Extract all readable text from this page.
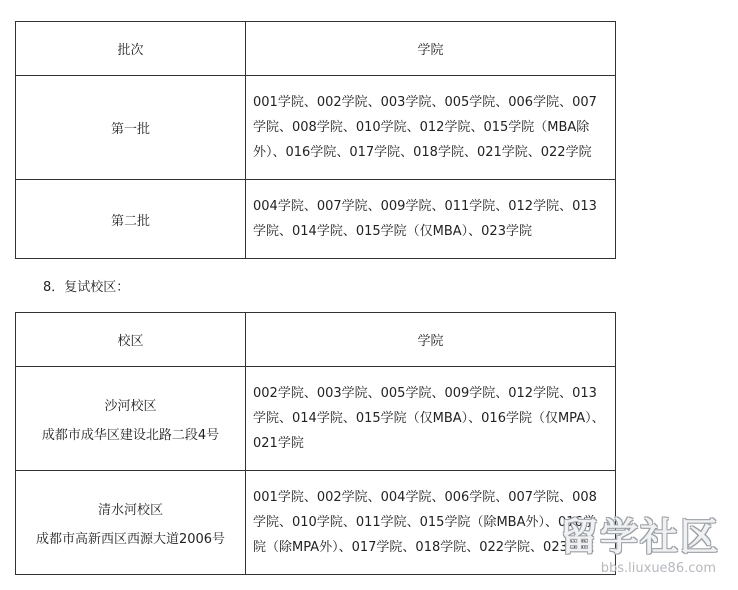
批次	学院
第一批	001学院、002学院、003学院、005学院、006学院、007学院、008学院、010学院、012学院、015学院（MBA除外）、016学院、017学院、018学院、021学院、022学院
第二批	004学院、007学院、009学院、011学院、012学院、013学院、014学院、015学院（仅MBA）、023学院
8．复试校区：
校区	学院
沙河校区
成都市成华区建设北路二段4号	002学院、003学院、005学院、009学院、012学院、013学院、014学院、015学院（仅MBA）、016学院（仅MPA）、021学院
清水河校区
成都市高新西区西源大道2006号	001学院、002学院、004学院、006学院、007学院、008学院、010学院、011学院、015学院（除MBA外）、016学院（除MPA外）、017学院、018学院、022学院、023学院
留学社区
bbs.liuxue86.com
